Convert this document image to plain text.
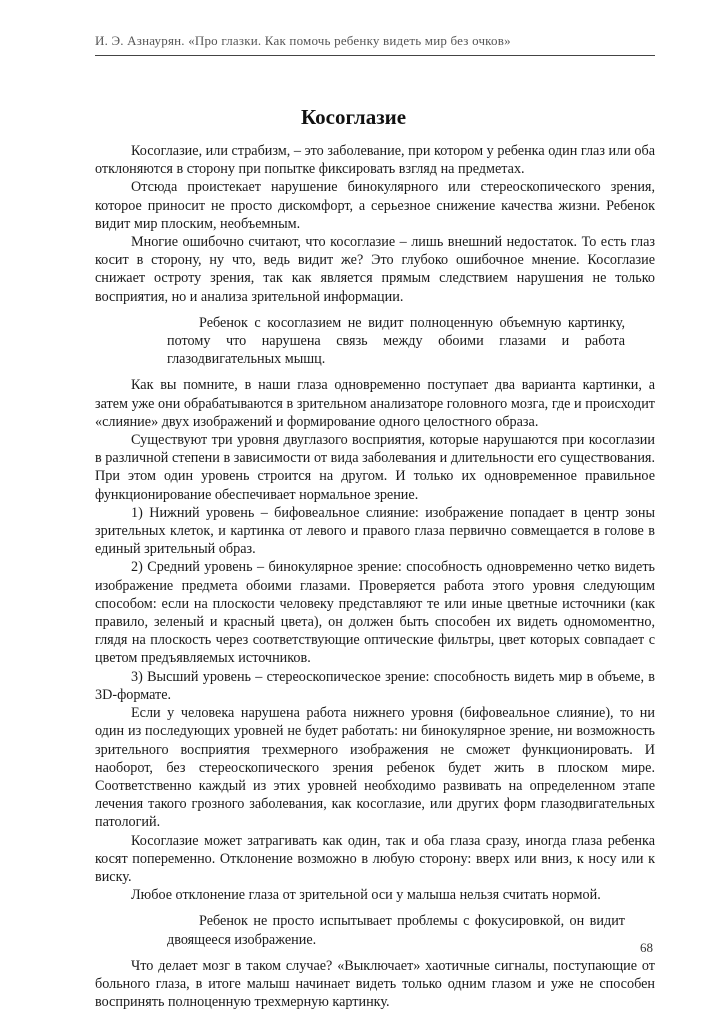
И. Э. Азнаурян. «Про глазки. Как помочь ребенку видеть мир без очков»
Косоглазие

Косоглазие, или страбизм, – это заболевание, при котором у ребенка один глаз или оба отклоняются в сторону при попытке фиксировать взгляд на предметах.

Отсюда проистекает нарушение бинокулярного или стереоскопического зрения, которое приносит не просто дискомфорт, а серьезное снижение качества жизни. Ребенок видит мир плоским, необъемным.

Многие ошибочно считают, что косоглазие – лишь внешний недостаток. То есть глаз косит в сторону, ну что, ведь видит же? Это глубоко ошибочное мнение. Косоглазие снижает остроту зрения, так как является прямым следствием нарушения не только восприятия, но и анализа зрительной информации.

Ребенок с косоглазием не видит полноценную объемную картинку, потому что нарушена связь между обоими глазами и работа глазодвигательных мышц.

Как вы помните, в наши глаза одновременно поступает два варианта картинки, а затем уже они обрабатываются в зрительном анализаторе головного мозга, где и происходит «слияние» двух изображений и формирование одного целостного образа.

Существуют три уровня двуглазого восприятия, которые нарушаются при косоглазии в различной степени в зависимости от вида заболевания и длительности его существования. При этом один уровень строится на другом. И только их одновременное правильное функционирование обеспечивает нормальное зрение.

1) Нижний уровень – бифовеальное слияние: изображение попадает в центр зоны зрительных клеток, и картинка от левого и правого глаза первично совмещается в голове в единый зрительный образ.

2) Средний уровень – бинокулярное зрение: способность одновременно четко видеть изображение предмета обоими глазами. Проверяется работа этого уровня следующим способом: если на плоскости человеку представляют те или иные цветные источники (как правило, зеленый и красный цвета), он должен быть способен их видеть одномоментно, глядя на плоскость через соответствующие оптические фильтры, цвет которых совпадает с цветом предъявляемых источников.

3) Высший уровень – стереоскопическое зрение: способность видеть мир в объеме, в 3D-формате.

Если у человека нарушена работа нижнего уровня (бифовеальное слияние), то ни один из последующих уровней не будет работать: ни бинокулярное зрение, ни возможность зрительного восприятия трехмерного изображения не сможет функционировать. И наоборот, без стереоскопического зрения ребенок будет жить в плоском мире. Соответственно каждый из этих уровней необходимо развивать на определенном этапе лечения такого грозного заболевания, как косоглазие, или других форм глазодвигательных патологий.

Косоглазие может затрагивать как один, так и оба глаза сразу, иногда глаза ребенка косят попеременно. Отклонение возможно в любую сторону: вверх или вниз, к носу или к виску.

Любое отклонение глаза от зрительной оси у малыша нельзя считать нормой.

Ребенок не просто испытывает проблемы с фокусировкой, он видит двоящееся изображение.

Что делает мозг в таком случае? «Выключает» хаотичные сигналы, поступающие от больного глаза, в итоге малыш начинает видеть только одним глазом и уже не способен воспринять полноценную трехмерную картинку.

68
